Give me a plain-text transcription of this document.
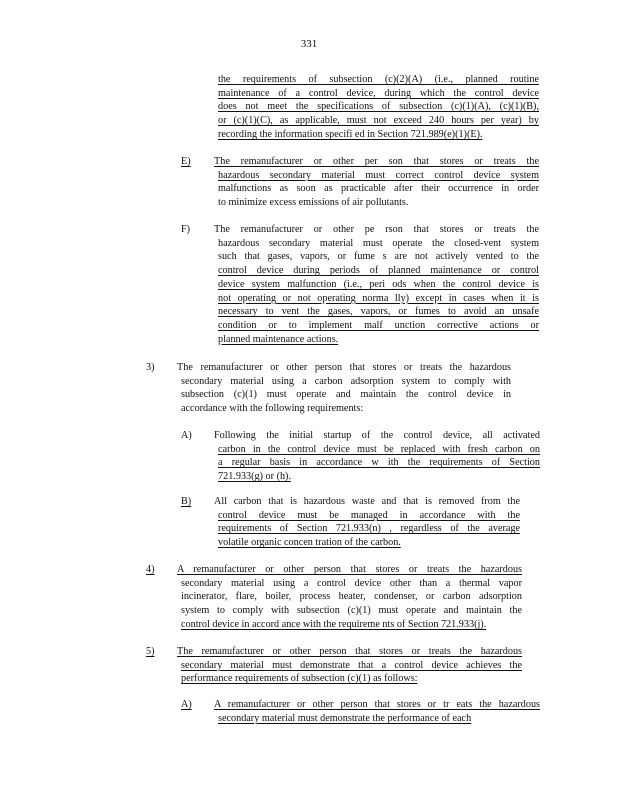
331
the requirements of subsection (c)(2)(A) (i.e., planned routine
maintenance of a control device, during which the control device
does not meet the specifications of subsection (c)(1)(A), (c)(1)(B),
or (c)(1)(C), as applicable, must not exceed 240 hours per year) by
recording the information specifi ed in Section 721.989(e)(1)(E).
E) The remanufacturer or other per son that stores or treats the
hazardous secondary material must correct control device system
malfunctions as soon as practicable after their occurrence in order
to minimize excess emissions of air pollutants.
F) The remanufacturer or other pe rson that stores or treats the
hazardous secondary material must operate the closed-vent system
such that gases, vapors, or fume s are not actively vented to the
control device during periods of planned maintenance or control
device system malfunction (i.e., peri ods when the control device is
not operating or not operating norma lly) except in cases when it is
necessary to vent the gases, vapors, or fumes to avoid an unsafe
condition or to implement malf unction corrective actions or
planned maintenance actions.
3) The remanufacturer or other person that stores or treats the hazardous
secondary material using a carbon adsorption system to comply with
subsection (c)(1) must operate and maintain the control device in
accordance with the following requirements:
A) Following the initial startup of the control device, all activated
carbon in the control device must be replaced with fresh carbon on
a regular basis in accordance w ith the requirements of Section
721.933(g) or (h).
B) All carbon that is hazardous waste and that is removed from the
control device must be managed in accordance with the
requirements of Section 721.933(n) , regardless of the average
volatile organic concen tration of the carbon.
4) A remanufacturer or other person that stores or treats the hazardous
secondary material using a control device other than a thermal vapor
incinerator, flare, boiler, process heater, condenser, or carbon adsorption
system to comply with subsection (c)(1) must operate and maintain the
control device in accord ance with the requireme nts of Section 721.933(j).
5) The remanufacturer or other person that stores or treats the hazardous
secondary material must demonstrate that a control device achieves the
performance requirements of subsection (c)(1) as follows:
A) A remanufacturer or other person that stores or tr eats the hazardous
secondary material must demonstrate the performance of each
